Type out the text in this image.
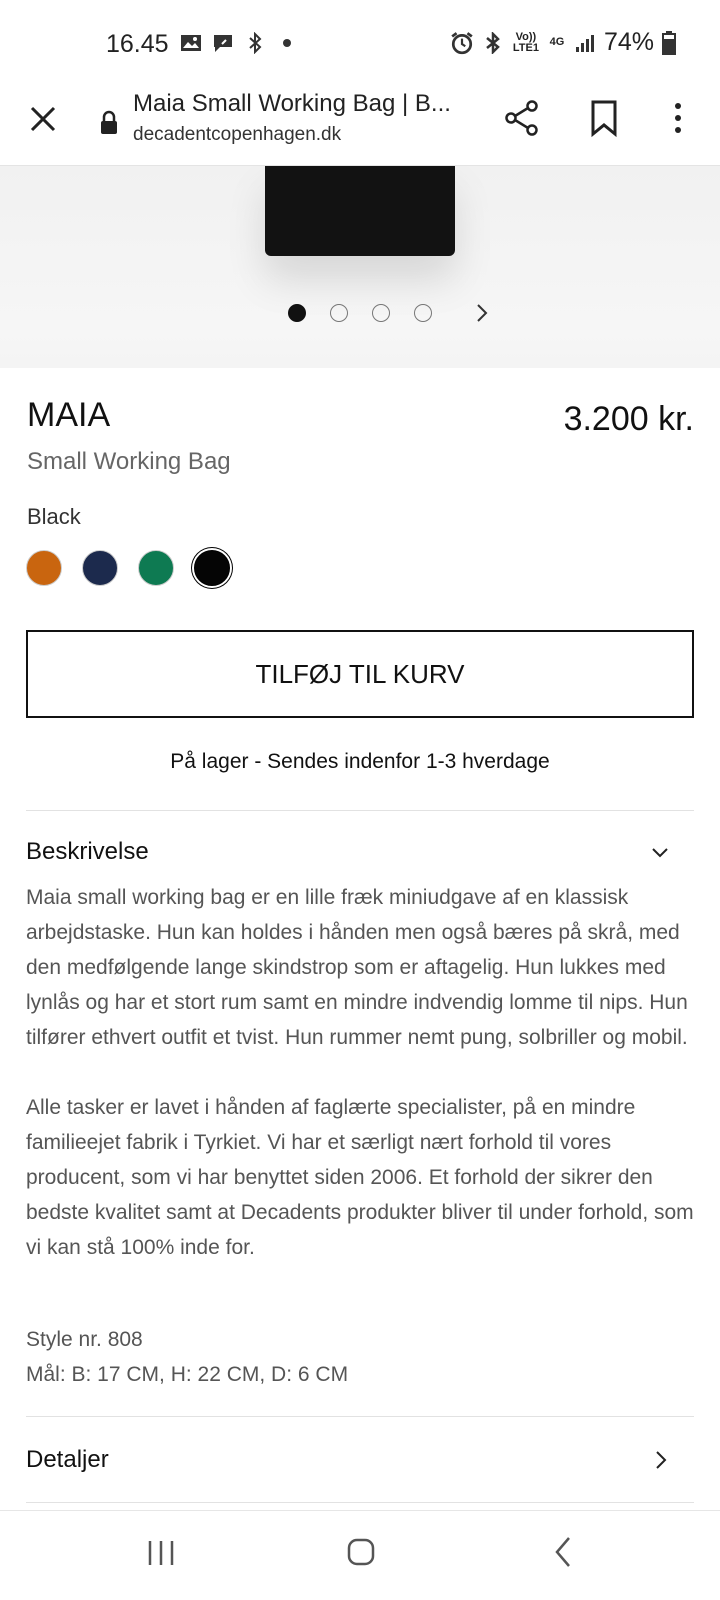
16.45	Vo)) LTE1 4G 74%
Maia Small Working Bag | B...
decadentcopenhagen.dk
MAIA	3.200 kr.
Small Working Bag
Black
TILFØJ TIL KURV
På lager - Sendes indenfor 1-3 hverdage
Beskrivelse

Maia small working bag er en lille fræk miniudgave af en klassisk arbejdstaske. Hun kan holdes i hånden men også bæres på skrå, med den medfølgende lange skindstrop som er aftagelig. Hun lukkes med lynlås og har et stort rum samt en mindre indvendig lomme til nips. Hun tilfører ethvert outfit et tvist. Hun rummer nemt pung, solbriller og mobil.

Alle tasker er lavet i hånden af faglærte specialister, på en mindre familieejet fabrik i Tyrkiet. Vi har et særligt nært forhold til vores producent, som vi har benyttet siden 2006. Et forhold der sikrer den bedste kvalitet samt at Decadents produkter bliver til under forhold, som vi kan stå 100% inde for.

Style nr. 808
Mål: B: 17 CM, H: 22 CM, D: 6 CM
Detaljer
